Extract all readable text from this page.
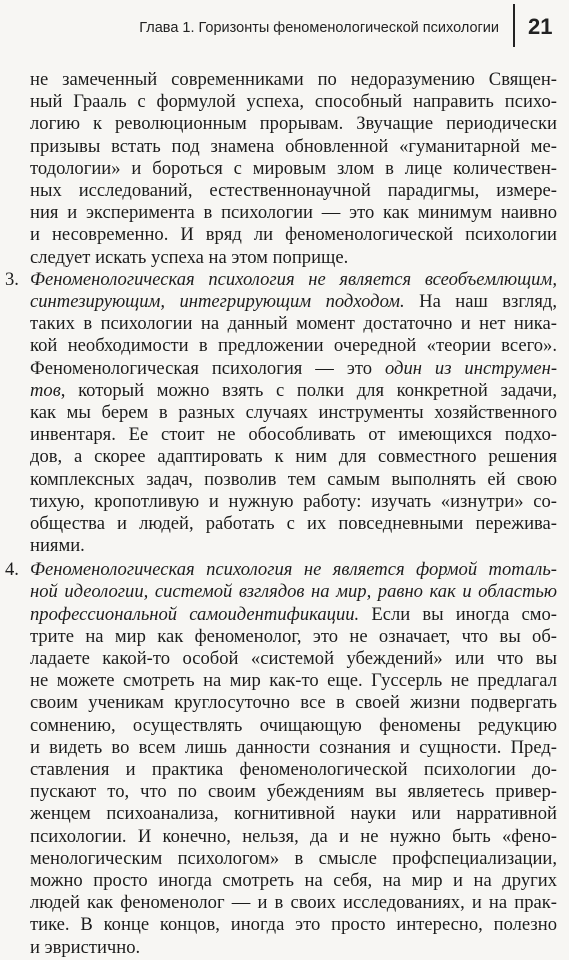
Глава 1. Горизонты феноменологической психологии 21
не замеченный современниками по недоразумению Священ-
ный Грааль с формулой успеха, способный направить психо-
логию к революционным прорывам. Звучащие периодически
призывы встать под знамена обновленной «гуманитарной ме-
тодологии» и бороться с мировым злом в лице количествен-
ных исследований, естественнонаучной парадигмы, измере-
ния и эксперимента в психологии — это как минимум наивно
и несовременно. И вряд ли феноменологической психологии
следует искать успеха на этом поприще.
3. Феноменологическая психология не является всеобъемлющим,
синтезирующим, интегрирующим подходом. На наш взгляд,
таких в психологии на данный момент достаточно и нет ника-
кой необходимости в предложении очередной «теории всего».
Феноменологическая психология — это один из инструмен-
тов, который можно взять с полки для конкретной задачи,
как мы берем в разных случаях инструменты хозяйственного
инвентаря. Ее стоит не обособливать от имеющихся подхо-
дов, а скорее адаптировать к ним для совместного решения
комплексных задач, позволив тем самым выполнять ей свою
тихую, кропотливую и нужную работу: изучать «изнутри» со-
общества и людей, работать с их повседневными пережива-
ниями.
4. Феноменологическая психология не является формой тоталь-
ной идеологии, системой взглядов на мир, равно как и областью
профессиональной самоидентификации. Если вы иногда смо-
трите на мир как феноменолог, это не означает, что вы об-
ладаете какой-то особой «системой убеждений» или что вы
не можете смотреть на мир как-то еще. Гуссерль не предлагал
своим ученикам круглосуточно все в своей жизни подвергать
сомнению, осуществлять очищающую феномены редукцию
и видеть во всем лишь данности сознания и сущности. Пред-
ставления и практика феноменологической психологии до-
пускают то, что по своим убеждениям вы являетесь привер-
женцем психоанализа, когнитивной науки или нарративной
психологии. И конечно, нельзя, да и не нужно быть «фено-
менологическим психологом» в смысле профспециализации,
можно просто иногда смотреть на себя, на мир и на других
людей как феноменолог — и в своих исследованиях, и на прак-
тике. В конце концов, иногда это просто интересно, полезно
и эвристично.
